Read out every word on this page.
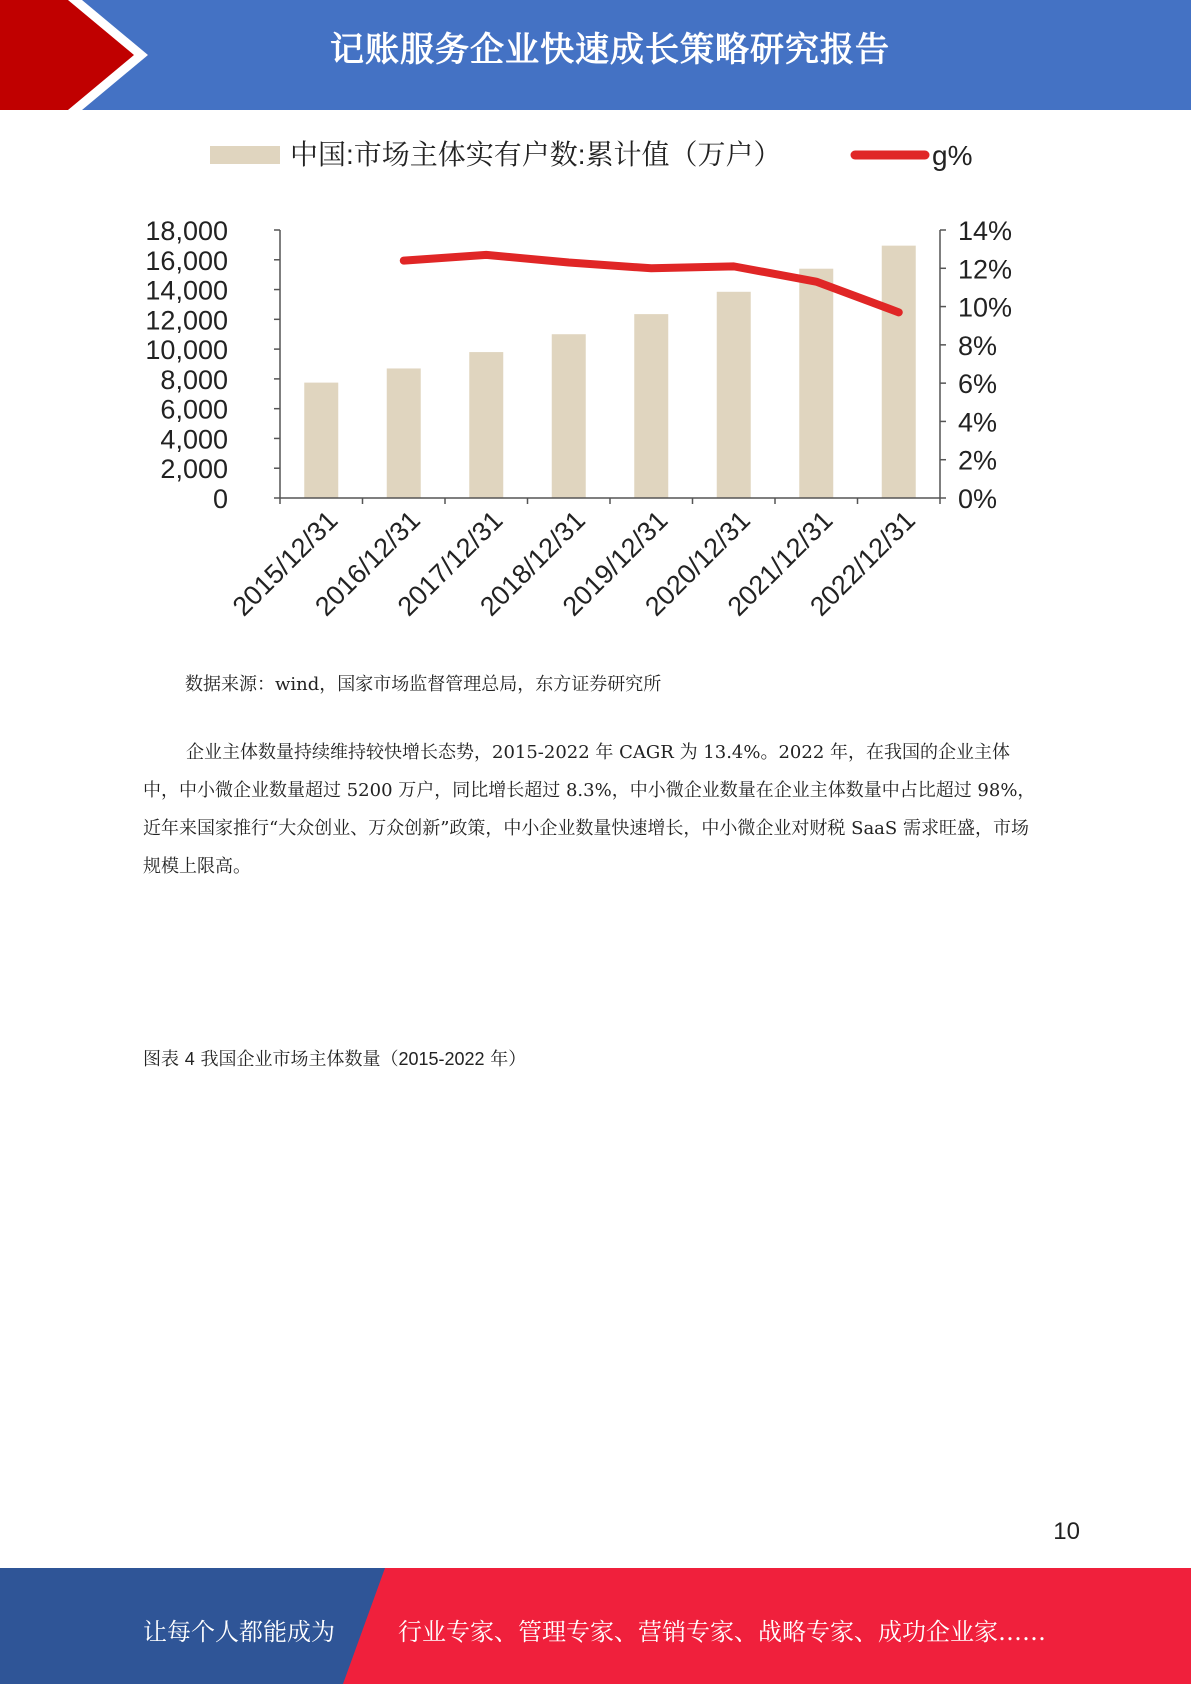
记账服务企业快速成长策略研究报告
中国:市场主体实有户数:累计值（万户）	g%
18,000
16,000
14,000
12,000
10,000
8,000
6,000
4,000
2,000
0
14%
12%
10%
8%
6%
4%
2%
0%
2015/12/31
2016/12/31
2017/12/31
2018/12/31
2019/12/31
2020/12/31
2021/12/31
2022/12/31
数据来源：wind，国家市场监督管理总局，东方证券研究所

企业主体数量持续维持较快增长态势，2015-2022 年 CAGR 为 13.4%。2022 年，在我国的企业主体中，中小微企业数量超过 5200 万户，同比增长超过 8.3%，中小微企业数量在企业主体数量中占比超过 98%，近年来国家推行“大众创业、万众创新”政策，中小企业数量快速增长，中小微企业对财税 SaaS 需求旺盛，市场规模上限高。

图表 4 我国企业市场主体数量（2015-2022 年）
10
让每个人都能成为	行业专家、管理专家、营销专家、战略专家、成功企业家……
